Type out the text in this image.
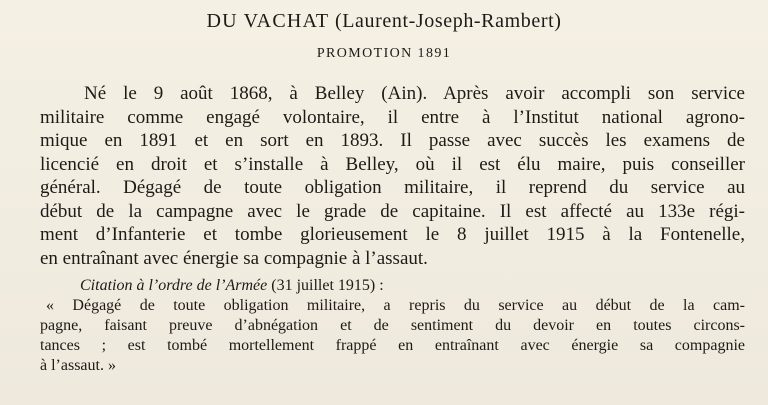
DU VACHAT (Laurent-Joseph-Rambert)
PROMOTION 1891
Né le 9 août 1868, à Belley (Ain). Après avoir accompli son service
militaire comme engagé volontaire, il entre à l’Institut national agrono-
mique en 1891 et en sort en 1893. Il passe avec succès les examens de
licencié en droit et s’installe à Belley, où il est élu maire, puis conseiller
général. Dégagé de toute obligation militaire, il reprend du service au
début de la campagne avec le grade de capitaine. Il est affecté au 133e régi-
ment d’Infanterie et tombe glorieusement le 8 juillet 1915 à la Fontenelle,
en entraînant avec énergie sa compagnie à l’assaut.
Citation à l’ordre de l’Armée (31 juillet 1915) :
« Dégagé de toute obligation militaire, a repris du service au début de la cam-
pagne, faisant preuve d’abnégation et de sentiment du devoir en toutes circons-
tances ; est tombé mortellement frappé en entraînant avec énergie sa compagnie
à l’assaut. »
